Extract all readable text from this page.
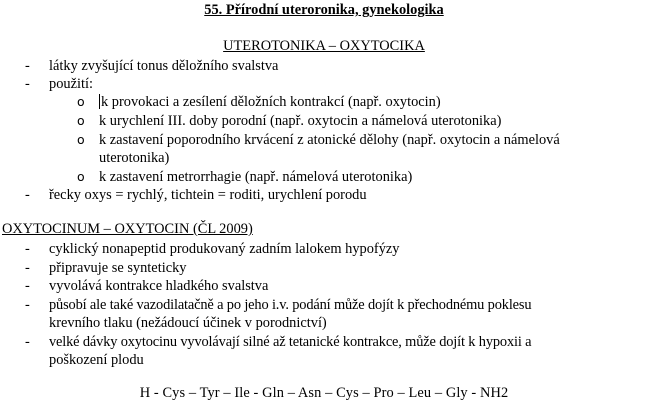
55. Přírodní uteroronika, gynekologika
UTEROTONIKA – OXYTOCIKA
- látky zvyšující tonus děložního svalstva
- použití:
o k provokaci a zesílení děložních kontrakcí (např. oxytocin)
o k urychlení III. doby porodní (např. oxytocin a námelová uterotonika)
o k zastavení poporodního krvácení z atonické dělohy (např. oxytocin a námelová
uterotonika)
o k zastavení metrorrhagie (např. námelová uterotonika)
- řecky oxys = rychlý, tichtein = roditi, urychlení porodu
OXYTOCINUM – OXYTOCIN (ČL 2009)
- cyklický nonapeptid produkovaný zadním lalokem hypofýzy
- připravuje se synteticky
- vyvolává kontrakce hladkého svalstva
- působí ale také vazodilatačně a po jeho i.v. podání může dojít k přechodnému poklesu
krevního tlaku (nežádoucí účinek v porodnictví)
- velké dávky oxytocinu vyvolávají silné až tetanické kontrakce, může dojít k hypoxii a
poškození plodu
H - Cys – Tyr – Ile - Gln – Asn – Cys – Pro – Leu – Gly - NH2
